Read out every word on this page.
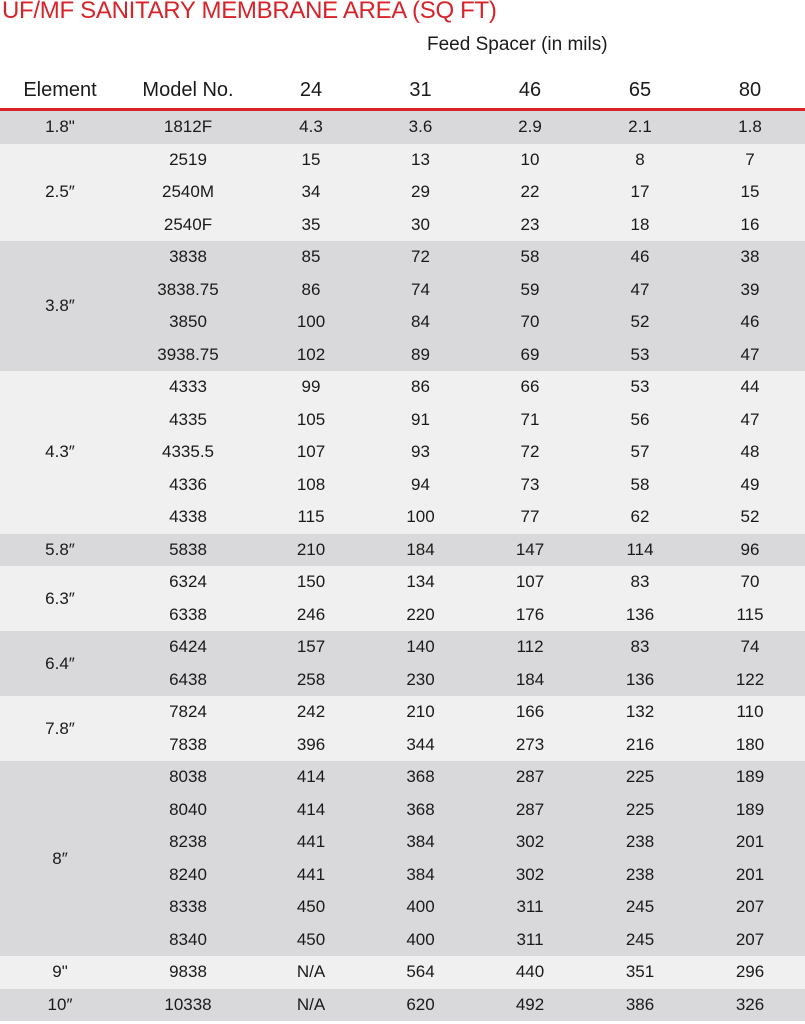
UF/MF SANITARY MEMBRANE AREA (SQ FT)
Feed Spacer (in mils)
Element	Model No.	24	31	46	65	80
1.8"	1812F	4.3	3.6	2.9	2.1	1.8
2.5″
2519	15	13	10	8	7
2540M	34	29	22	17	15
2540F	35	30	23	18	16
3.8″
3838	85	72	58	46	38
3838.75	86	74	59	47	39
3850	100	84	70	52	46
3938.75	102	89	69	53	47
4.3″
4333	99	86	66	53	44
4335	105	91	71	56	47
4335.5	107	93	72	57	48
4336	108	94	73	58	49
4338	115	100	77	62	52
5.8″	5838	210	184	147	114	96
6.3″
6324	150	134	107	83	70
6338	246	220	176	136	115
6.4″
6424	157	140	112	83	74
6438	258	230	184	136	122
7.8″
7824	242	210	166	132	110
7838	396	344	273	216	180
8″
8038	414	368	287	225	189
8040	414	368	287	225	189
8238	441	384	302	238	201
8240	441	384	302	238	201
8338	450	400	311	245	207
8340	450	400	311	245	207
9"	9838	N/A	564	440	351	296
10″	10338	N/A	620	492	386	326
